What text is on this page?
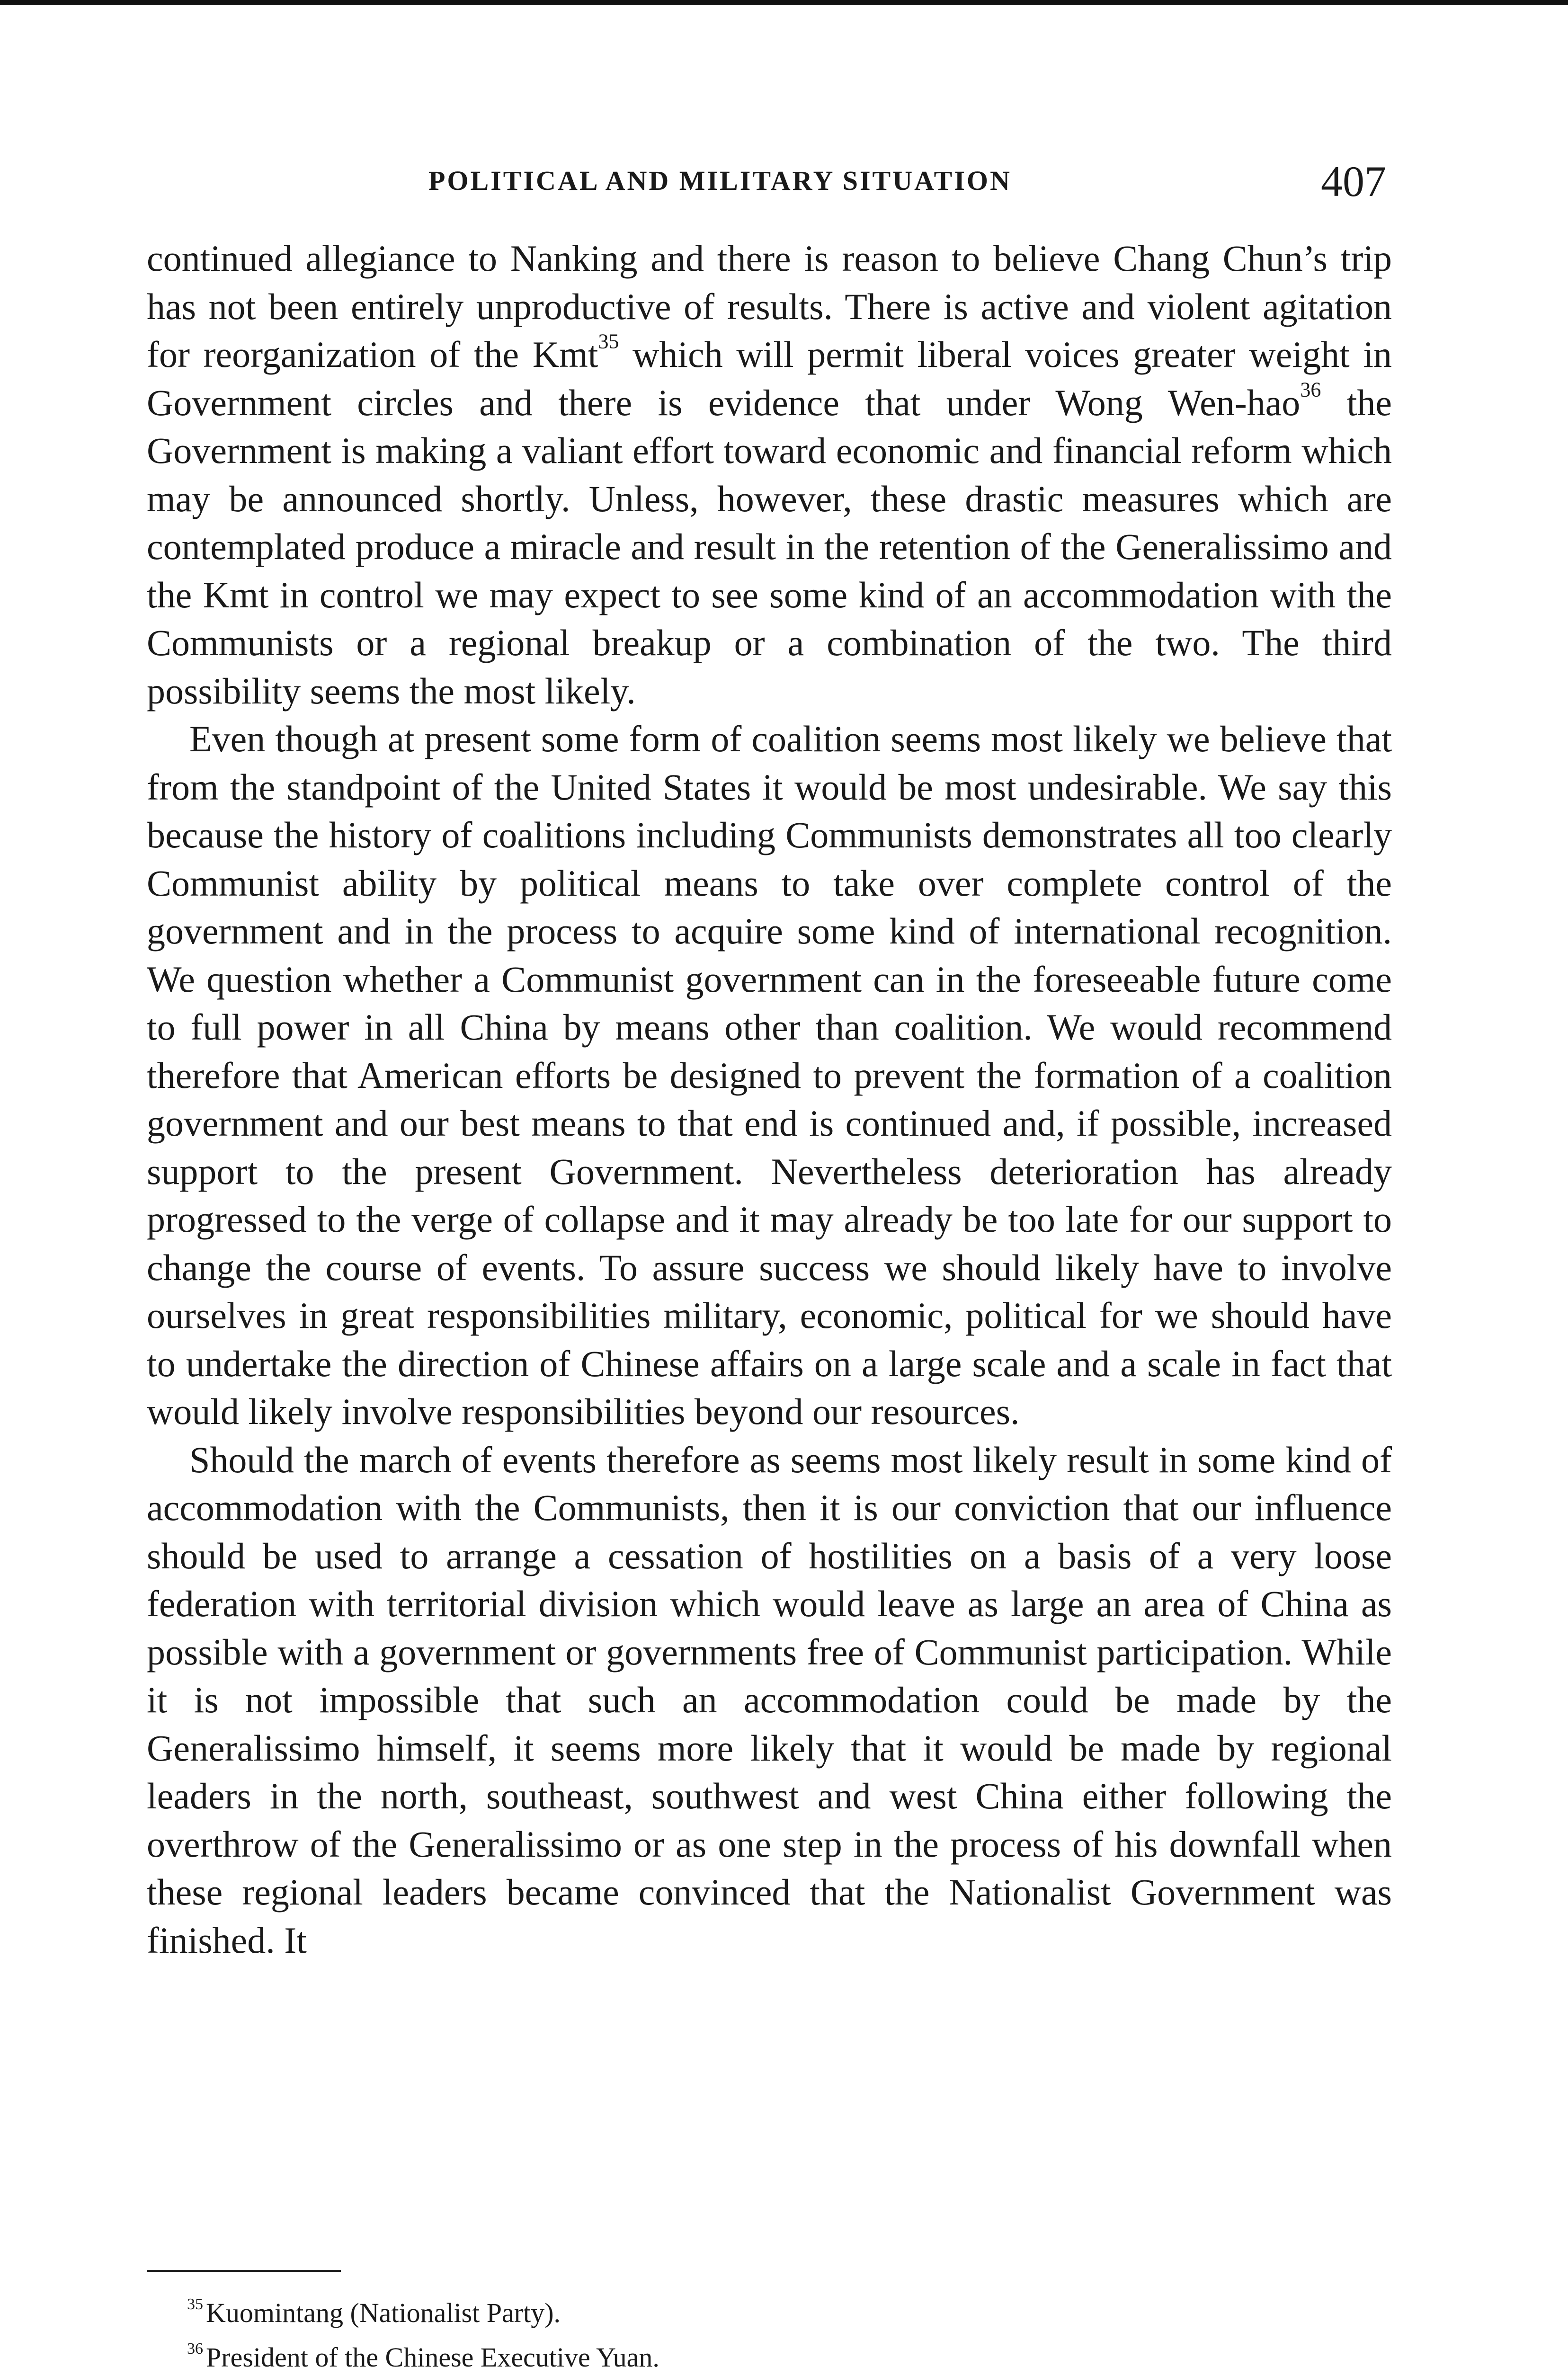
POLITICAL AND MILITARY SITUATION	407

continued allegiance to Nanking and there is reason to believe Chang Chun’s trip has not been entirely unproductive of results. There is active and violent agitation for reorganization of the Kmt$^{35}$ which will permit liberal voices greater weight in Government circles and there is evidence that under Wong Wen-hao$^{36}$ the Government is making a valiant effort toward economic and financial reform which may be announced shortly. Unless, however, these drastic measures which are contemplated produce a miracle and result in the retention of the Generalissimo and the Kmt in control we may expect to see some kind of an accommodation with the Communists or a regional breakup or a combination of the two. The third possibility seems the most likely.

Even though at present some form of coalition seems most likely we believe that from the standpoint of the United States it would be most undesirable. We say this because the history of coalitions including Communists demonstrates all too clearly Communist ability by political means to take over complete control of the government and in the process to acquire some kind of international recognition. We question whether a Communist government can in the foreseeable future come to full power in all China by means other than coalition. We would recommend therefore that American efforts be designed to prevent the formation of a coalition government and our best means to that end is continued and, if possible, increased support to the present Government. Nevertheless deterioration has already progressed to the verge of collapse and it may already be too late for our support to change the course of events. To assure success we should likely have to involve ourselves in great responsibilities military, economic, political for we should have to undertake the direction of Chinese affairs on a large scale and a scale in fact that would likely involve responsibilities beyond our resources.

Should the march of events therefore as seems most likely result in some kind of accommodation with the Communists, then it is our conviction that our influence should be used to arrange a cessation of hostilities on a basis of a very loose federation with territorial division which would leave as large an area of China as possible with a government or governments free of Communist participation. While it is not impossible that such an accommodation could be made by the Generalissimo himself, it seems more likely that it would be made by regional leaders in the north, southeast, southwest and west China either following the overthrow of the Generalissimo or as one step in the process of his downfall when these regional leaders became convinced that the Nationalist Government was finished. It

$^{35}$ Kuomintang (Nationalist Party).
$^{36}$ President of the Chinese Executive Yuan.
